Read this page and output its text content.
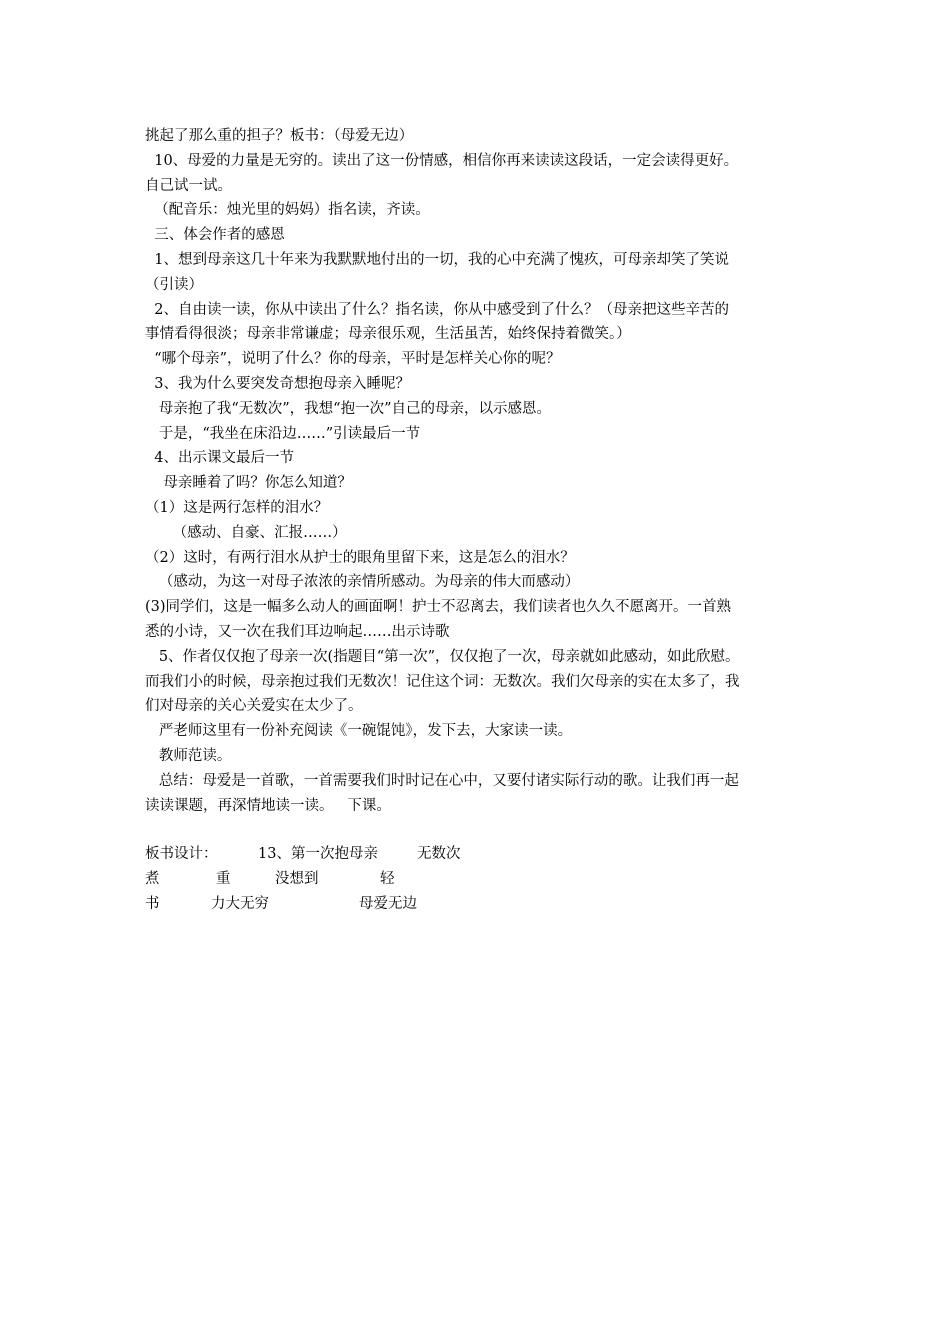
挑起了那么重的担子？板书：（母爱无边）
10、母爱的力量是无穷的。读出了这一份情感，相信你再来读读这段话，一定会读得更好。
自己试一试。
（配音乐：烛光里的妈妈）指名读，齐读。
三、体会作者的感恩
1、想到母亲这几十年来为我默默地付出的一切，我的心中充满了愧疚，可母亲却笑了笑说
（引读）
2、自由读一读，你从中读出了什么？指名读，你从中感受到了什么？（母亲把这些辛苦的
事情看得很淡；母亲非常谦虚；母亲很乐观，生活虽苦，始终保持着微笑。）
“哪个母亲”，说明了什么？你的母亲，平时是怎样关心你的呢？
3、我为什么要突发奇想抱母亲入睡呢？
母亲抱了我“无数次”，我想“抱一次”自己的母亲，以示感恩。
于是，“我坐在床沿边……”引读最后一节
4、出示课文最后一节
母亲睡着了吗？你怎么知道？
（1）这是两行怎样的泪水？
（感动、自豪、汇报……）
（2）这时，有两行泪水从护士的眼角里留下来，这是怎么的泪水？
（感动，为这一对母子浓浓的亲情所感动。为母亲的伟大而感动）
(3)同学们，这是一幅多么动人的画面啊！护士不忍离去，我们读者也久久不愿离开。一首熟
悉的小诗，又一次在我们耳边响起……出示诗歌
5、作者仅仅抱了母亲一次(指题目“第一次”，仅仅抱了一次，母亲就如此感动，如此欣慰。
而我们小的时候，母亲抱过我们无数次！记住这个词：无数次。我们欠母亲的实在太多了，我
们对母亲的关心关爱实在太少了。
严老师这里有一份补充阅读《一碗馄饨》，发下去，大家读一读。
教师范读。
总结：母爱是一首歌，一首需要我们时时记在心中，又要付诸实际行动的歌。让我们再一起
读读课题，再深情地读一读。   下课。
板书设计：	13、第一次抱母亲	无数次
煮	重	没想到	轻
书	力大无穷	母爱无边
